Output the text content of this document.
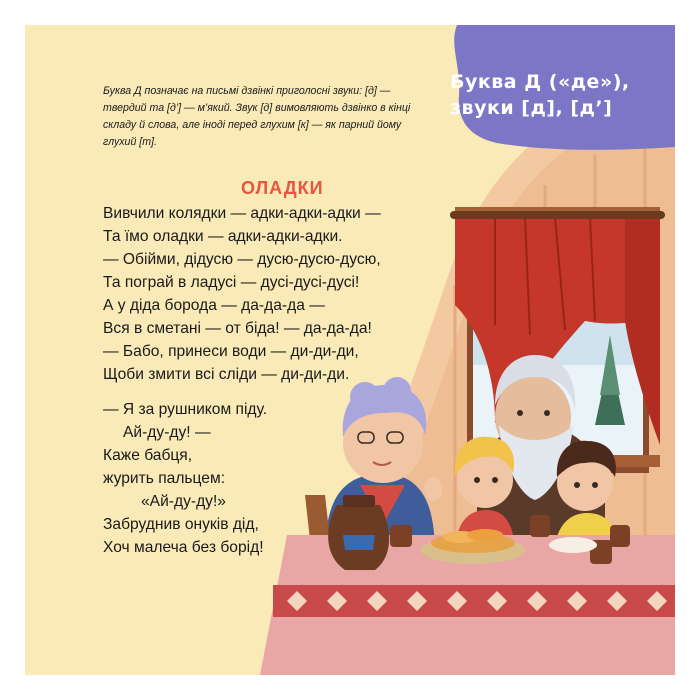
Буква Д («де»),
звуки [д], [д’]
Буква Д позначає на письмі дзвінкі приголосні звуки: [д] — твердий та [д’] — м’який. Звук [д] вимовляють дзвінко в кінці складу й слова, але іноді перед глухим [к] — як парний йому глухий [т].
ОЛАДКИ
Вивчили колядки — адки-адки-адки —
Та їмо оладки — адки-адки-адки.
— Обійми, дідусю — дусю-дусю-дусю,
Та пограй в ладусі — дусі-дусі-дусі!
А у діда борода — да-да-да —
Вся в сметані — от біда! — да-да-да!
— Бабо, принеси води — ди-ди-ди,
Щоби змити всі сліди — ди-ди-ди.
— Я за рушником піду.
Ай-ду-ду! —
Каже бабця,
журить пальцем:
«Ай-ду-ду!»
Забруднив онуків дід,
Хоч малеча без борід!
